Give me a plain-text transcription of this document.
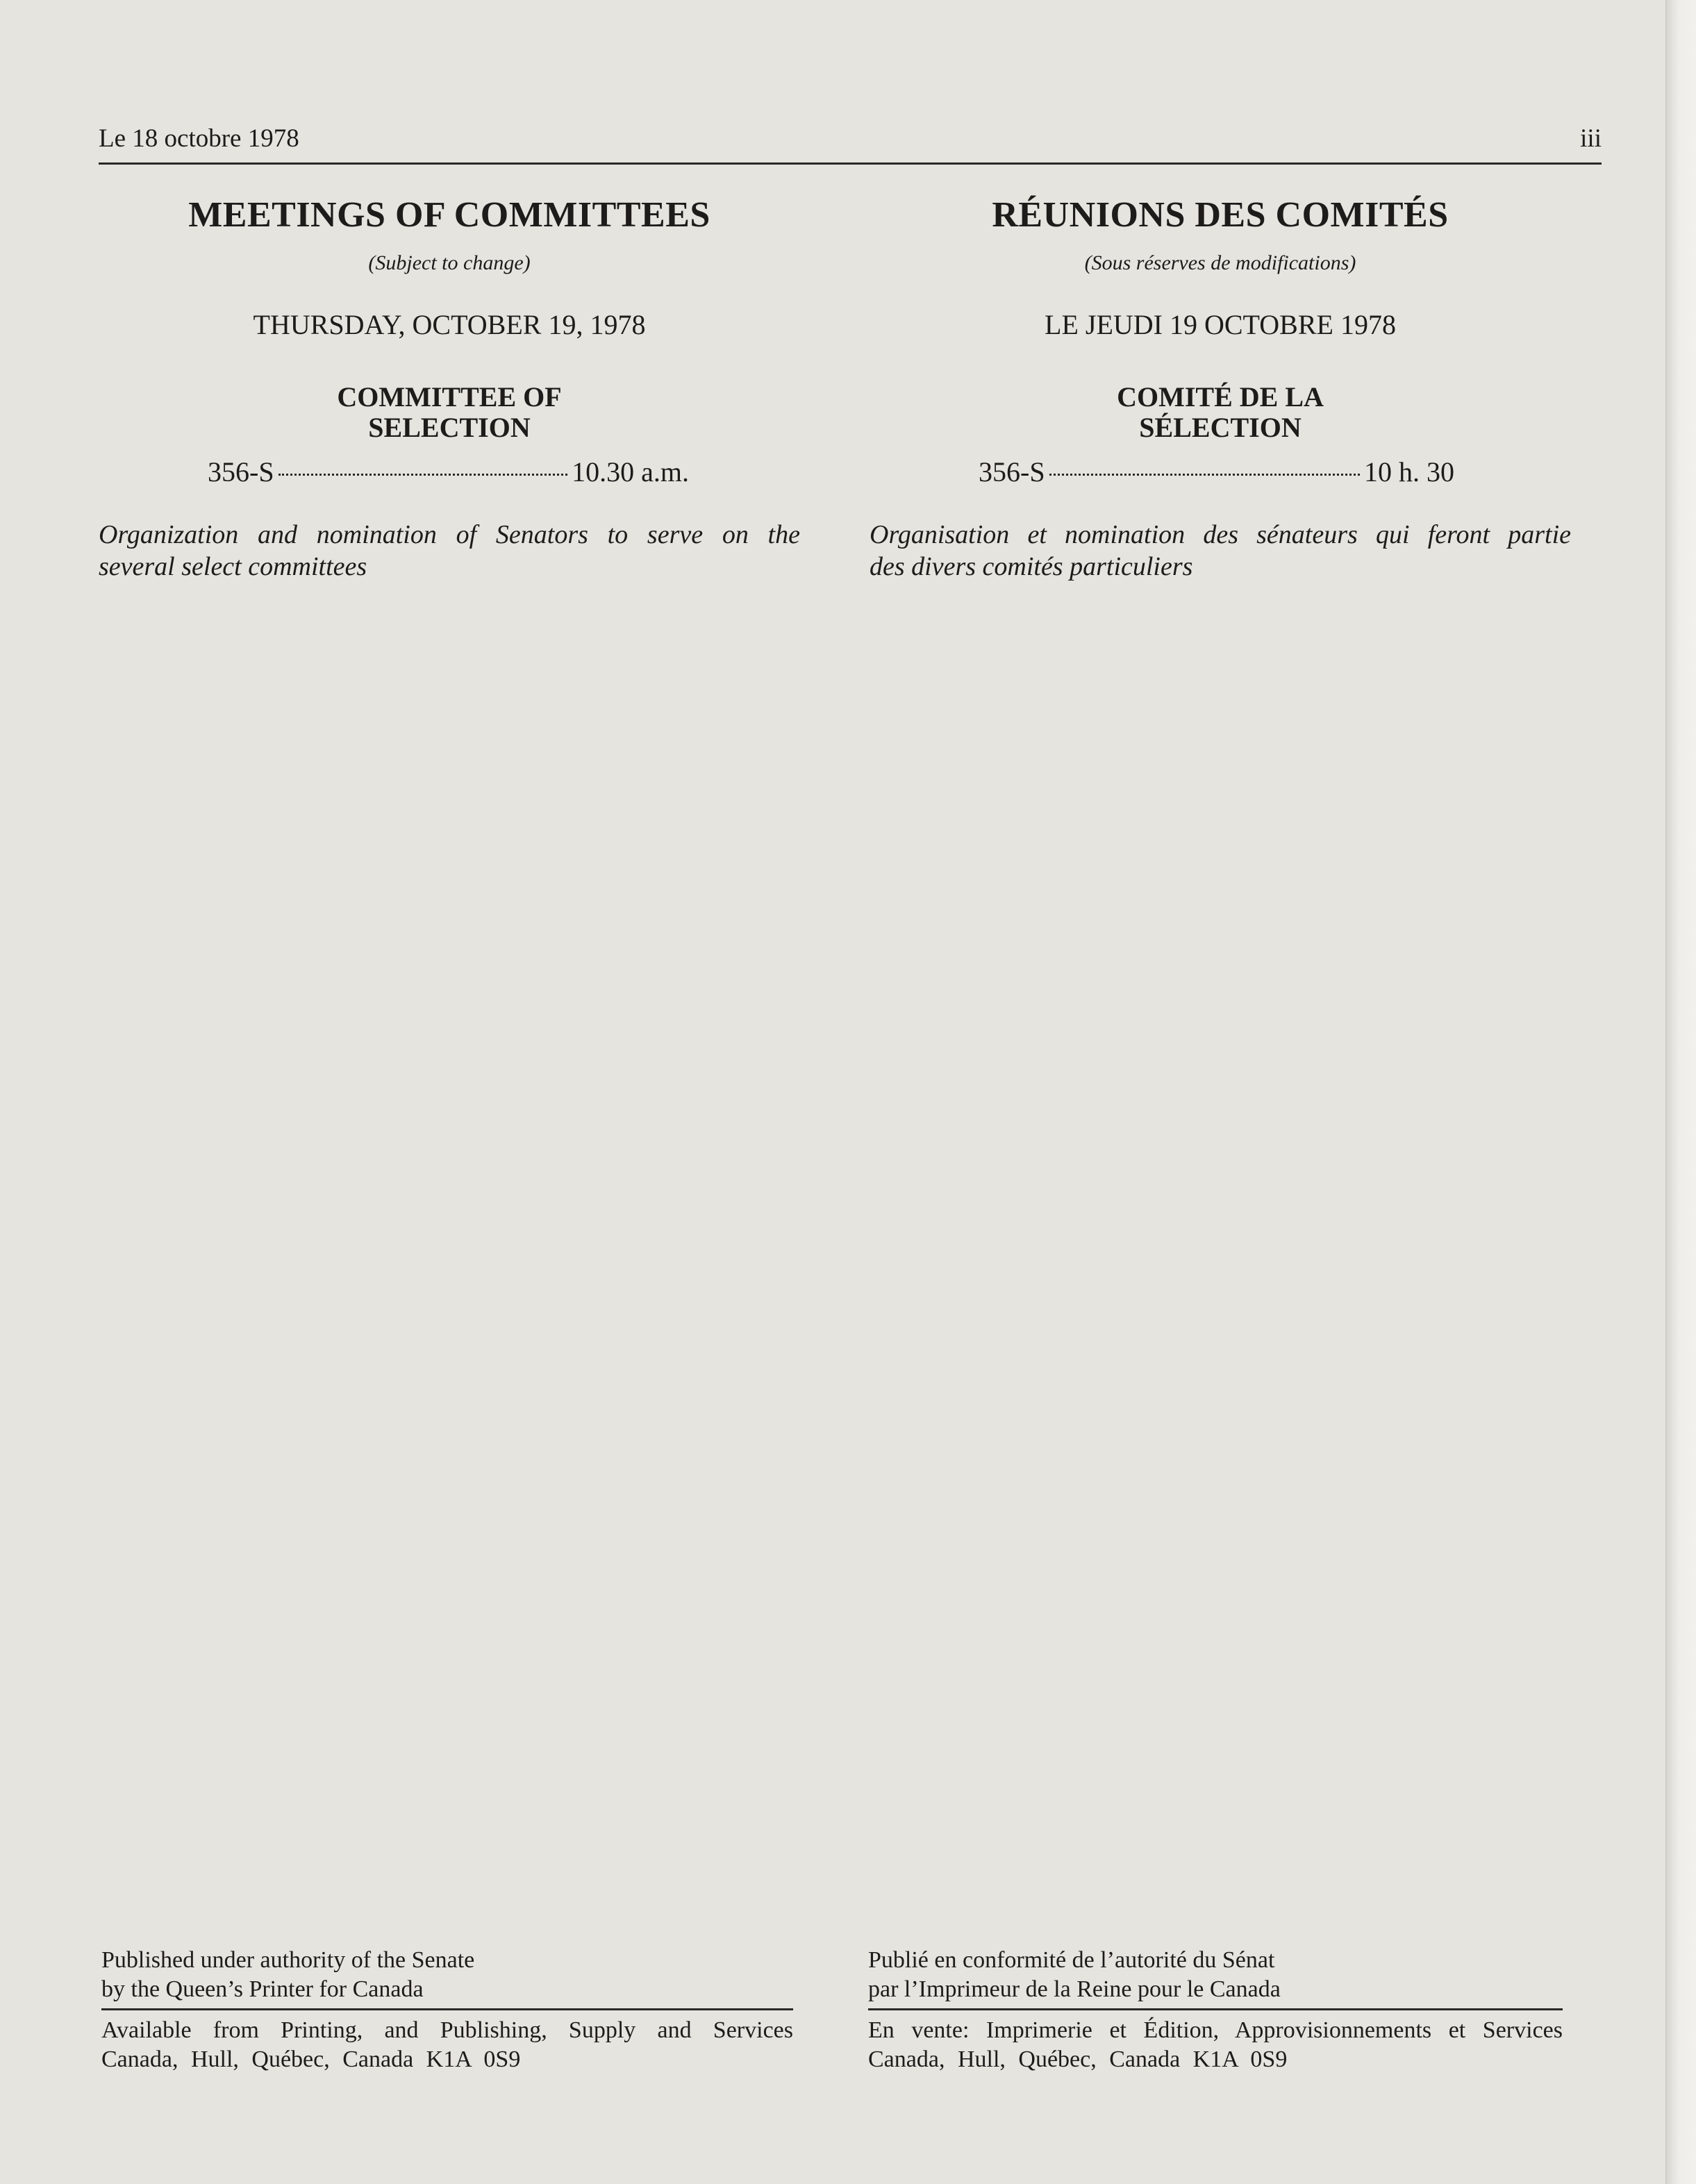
Le 18 octobre 1978	iii
MEETINGS OF COMMITTEES
(Subject to change)
THURSDAY, OCTOBER 19, 1978
COMMITTEE OF
SELECTION
356-S	10.30 a.m.
Organization and nomination of Senators to serve on the
several select committees
RÉUNIONS DES COMITÉS
(Sous réserves de modifications)
LE JEUDI 19 OCTOBRE 1978
COMITÉ DE LA
SÉLECTION
356-S	10 h. 30
Organisation et nomination des sénateurs qui feront partie
des divers comités particuliers
Published under authority of the Senate
by the Queen’s Printer for Canada
Available from Printing, and Publishing, Supply and Services
Canada, Hull, Québec, Canada K1A 0S9
Publié en conformité de l’autorité du Sénat
par l’Imprimeur de la Reine pour le Canada
En vente: Imprimerie et Édition, Approvisionnements et Services
Canada, Hull, Québec, Canada K1A 0S9
